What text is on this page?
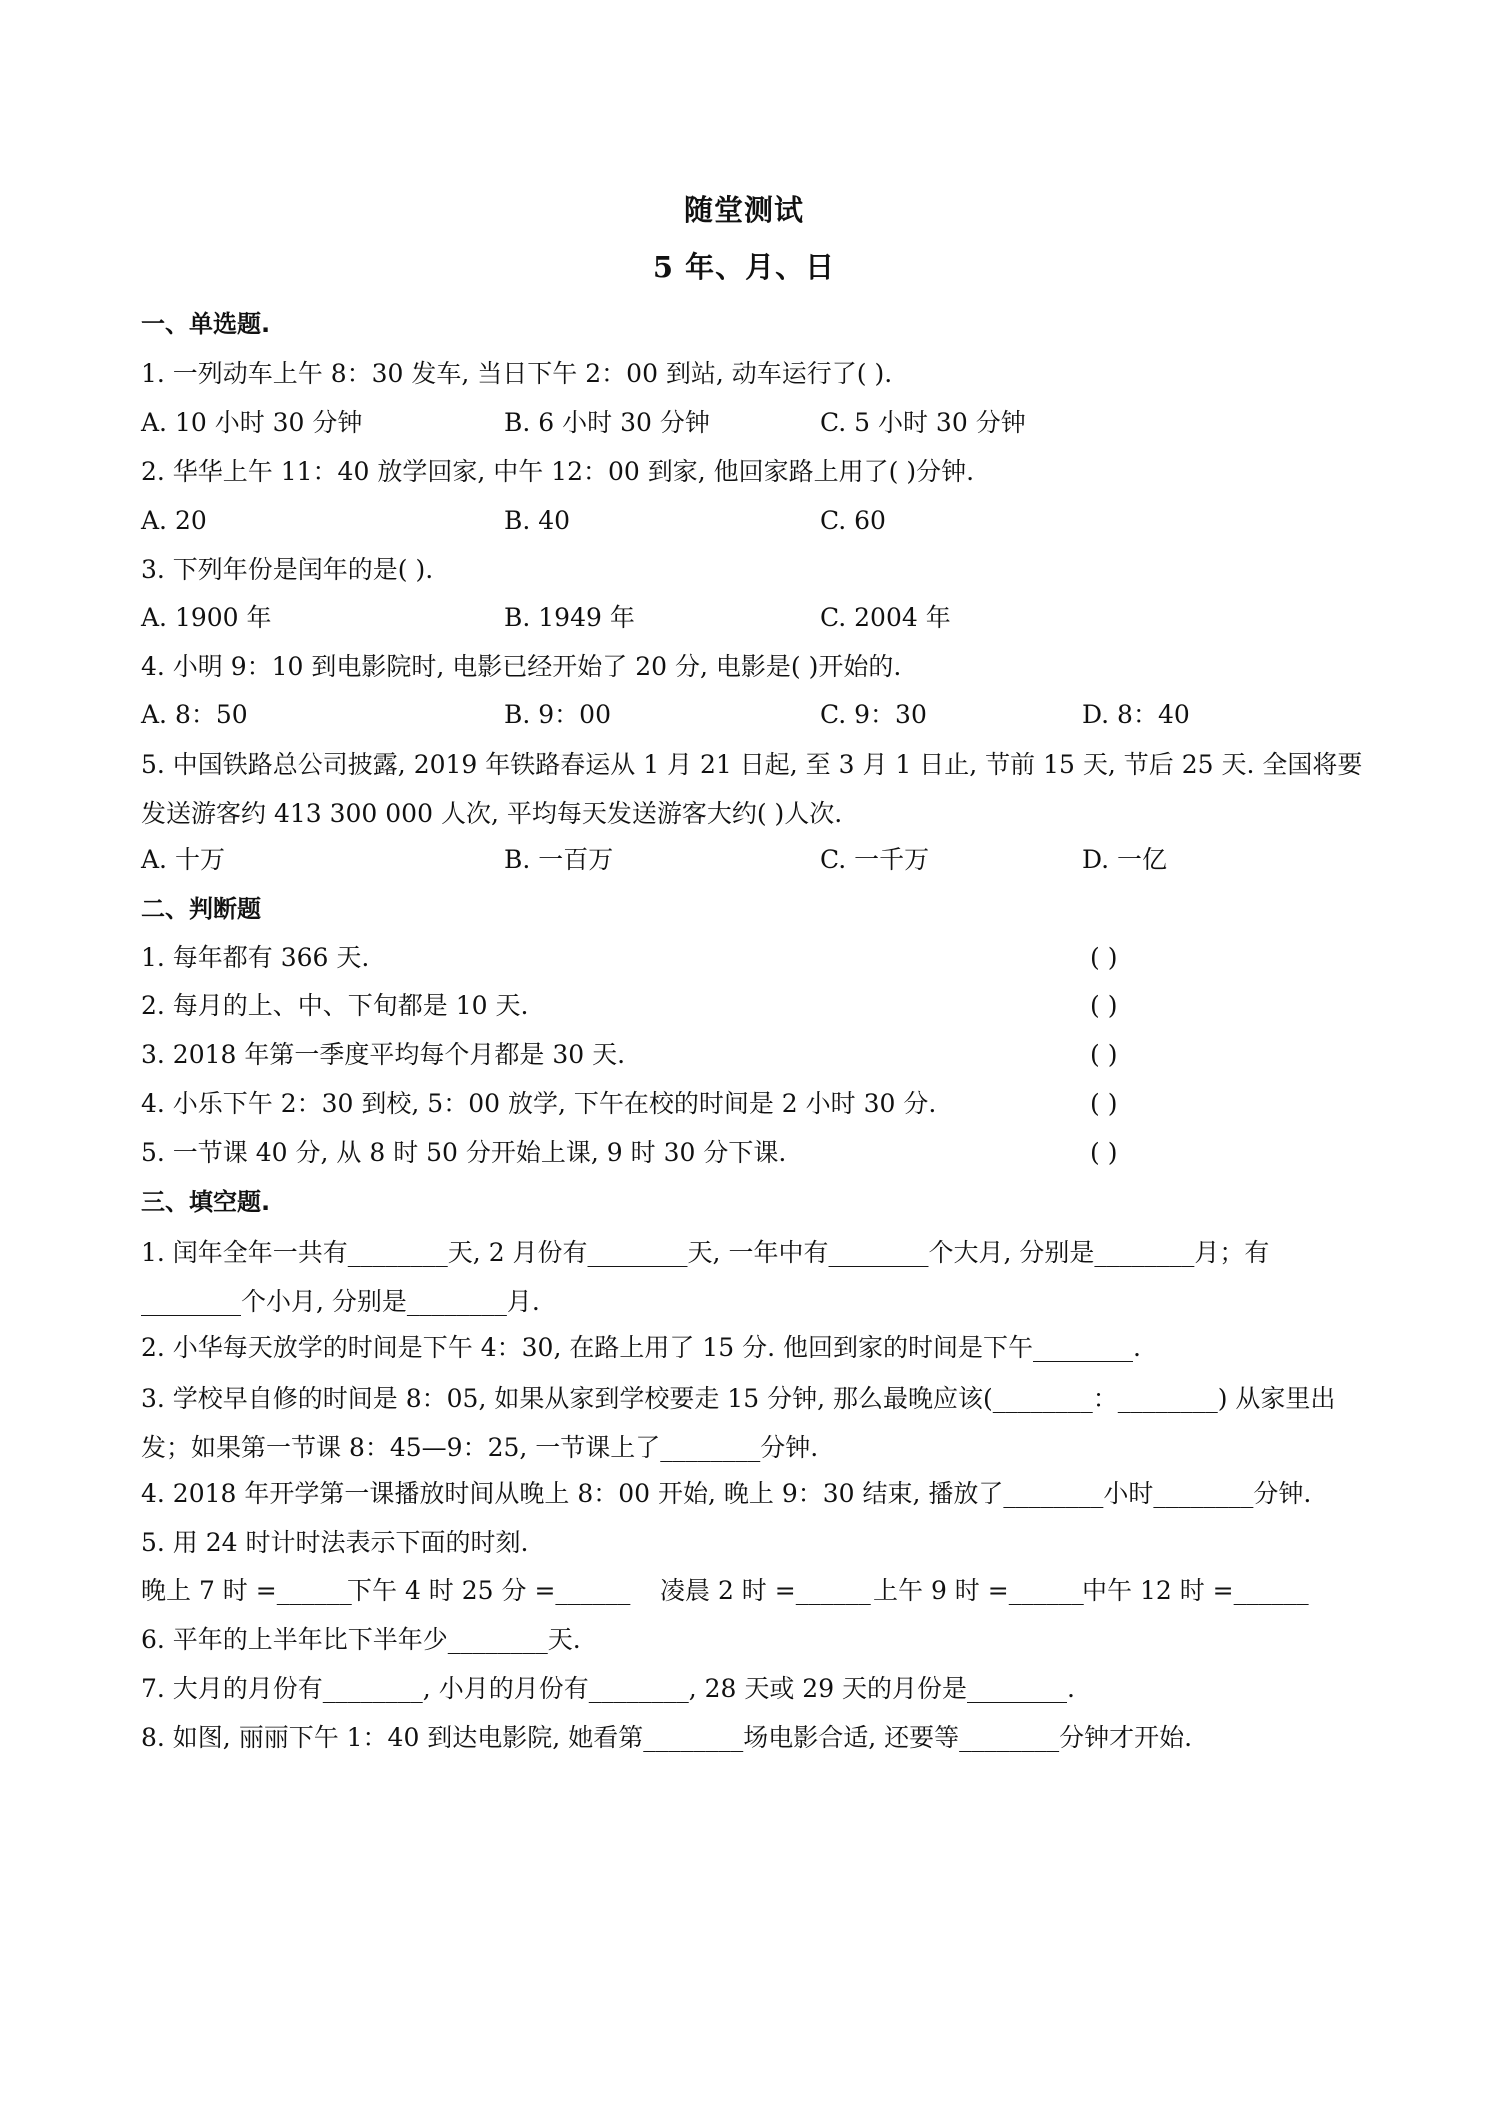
随堂测试
5 年、月、日
一、单选题.
1. 一列动车上午 8：30 发车, 当日下午 2：00 到站, 动车运行了( ).
A. 10 小时 30 分钟	B. 6 小时 30 分钟	C. 5 小时 30 分钟
2. 华华上午 11：40 放学回家, 中午 12：00 到家, 他回家路上用了( )分钟.
A. 20	B. 40	C. 60
3. 下列年份是闰年的是( ).
A. 1900 年	B. 1949 年	C. 2004 年
4. 小明 9：10 到电影院时, 电影已经开始了 20 分, 电影是( )开始的.
A. 8：50	B. 9：00	C. 9：30	D. 8：40
5. 中国铁路总公司披露, 2019 年铁路春运从 1 月 21 日起, 至 3 月 1 日止, 节前 15 天, 节后 25 天. 全国将要发送游客约 413 300 000 人次, 平均每天发送游客大约( )人次.
A. 十万	B. 一百万	C. 一千万	D. 一亿
二、判断题
1. 每年都有 366 天.	( )
2. 每月的上、中、下旬都是 10 天.	( )
3. 2018 年第一季度平均每个月都是 30 天.	( )
4. 小乐下午 2：30 到校, 5：00 放学, 下午在校的时间是 2 小时 30 分.	( )
5. 一节课 40 分, 从 8 时 50 分开始上课, 9 时 30 分下课.	( )
三、填空题.
1. 闰年全年一共有________天, 2 月份有________天, 一年中有________个大月, 分别是________月；有________个小月, 分别是________月.
2. 小华每天放学的时间是下午 4：30, 在路上用了 15 分. 他回到家的时间是下午________.
3. 学校早自修的时间是 8：05, 如果从家到学校要走 15 分钟, 那么最晚应该(________：________) 从家里出发；如果第一节课 8：45—9：25, 一节课上了________分钟.
4. 2018 年开学第一课播放时间从晚上 8：00 开始, 晚上 9：30 结束, 播放了________小时________分钟.
5. 用 24 时计时法表示下面的时刻.
晚上 7 时 =______
下午 4 时 25 分 =______ 凌晨 2 时 =______ 上午 9 时 =______
中午 12 时 =______
6. 平年的上半年比下半年少________天.
7. 大月的月份有________, 小月的月份有________, 28 天或 29 天的月份是________.
8. 如图, 丽丽下午 1：40 到达电影院, 她看第________场电影合适, 还要等________分钟才开始.
